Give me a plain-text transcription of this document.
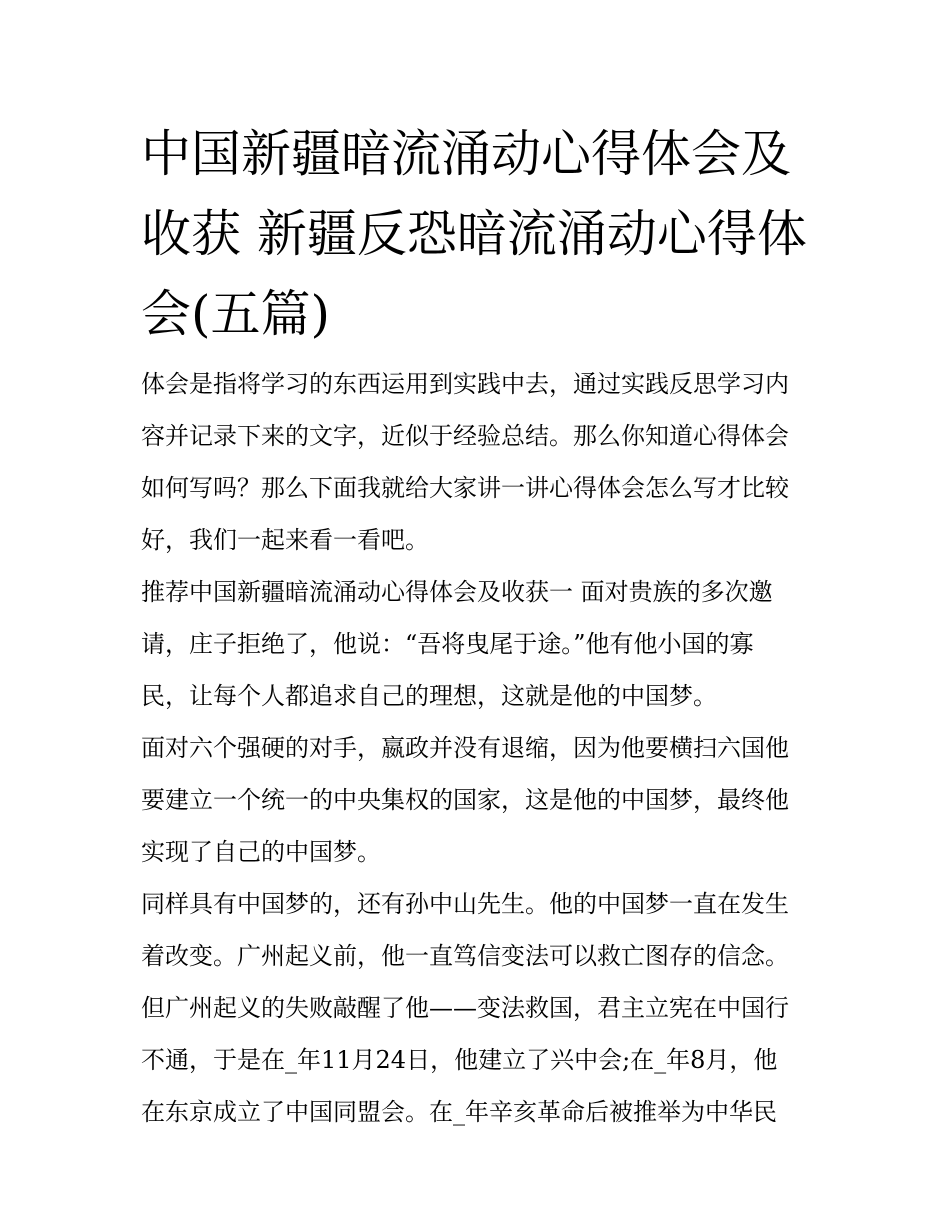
中国新疆暗流涌动心得体会及
收获 新疆反恐暗流涌动心得体
会(五篇)
体会是指将学习的东西运用到实践中去，通过实践反思学习内
容并记录下来的文字，近似于经验总结。那么你知道心得体会
如何写吗？那么下面我就给大家讲一讲心得体会怎么写才比较
好，我们一起来看一看吧。
推荐中国新疆暗流涌动心得体会及收获一 面对贵族的多次邀
请，庄子拒绝了，他说：“吾将曳尾于途。”他有他小国的寡
民，让每个人都追求自己的理想，这就是他的中国梦。
面对六个强硬的对手，嬴政并没有退缩，因为他要横扫六国他
要建立一个统一的中央集权的国家，这是他的中国梦，最终他
实现了自己的中国梦。
同样具有中国梦的，还有孙中山先生。他的中国梦一直在发生
着改变。广州起义前，他一直笃信变法可以救亡图存的信念。
但广州起义的失败敲醒了他——变法救国，君主立宪在中国行
不通，于是在_年11月24日，他建立了兴中会;在_年8月，他
在东京成立了中国同盟会。在_年辛亥革命后被推举为中华民
